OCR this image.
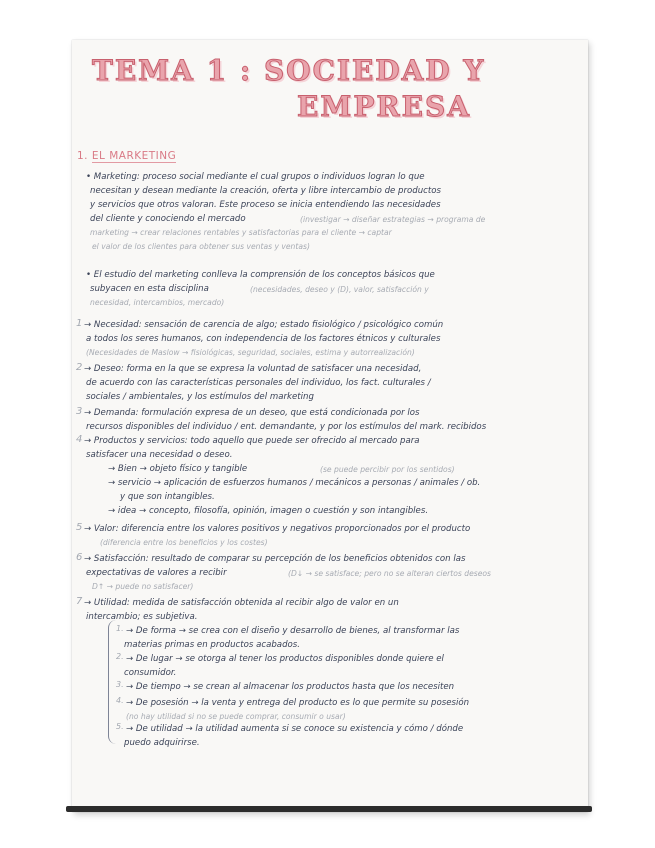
TEMA 1 : SOCIEDAD Y
EMPRESA
1. EL MARKETING
• Marketing: proceso social mediante el cual grupos o individuos logran lo que
necesitan y desean mediante la creación, oferta y libre intercambio de productos
y servicios que otros valoran. Este proceso se inicia entendiendo las necesidades
del cliente y conociendo el mercado	(investigar → diseñar estrategias → programa de
marketing → crear relaciones rentables y satisfactorias para el cliente → captar
el valor de los clientes para obtener sus ventas y ventas)
• El estudio del marketing conlleva la comprensión de los conceptos básicos que
subyacen en esta disciplina	(necesidades, deseo y (D), valor, satisfacción y
necesidad, intercambios, mercado)
1 → Necesidad: sensación de carencia de algo; estado fisiológico / psicológico común
a todos los seres humanos, con independencia de los factores étnicos y culturales
(Necesidades de Maslow → fisiológicas, seguridad, sociales, estima y autorrealización)
2 → Deseo: forma en la que se expresa la voluntad de satisfacer una necesidad,
de acuerdo con las características personales del individuo, los fact. culturales /
sociales / ambientales, y los estímulos del marketing
3 → Demanda: formulación expresa de un deseo, que está condicionada por los
recursos disponibles del individuo / ent. demandante, y por los estímulos del mark. recibidos
4 → Productos y servicios: todo aquello que puede ser ofrecido al mercado para
satisfacer una necesidad o deseo.
→ Bien → objeto físico y tangible	(se puede percibir por los sentidos)
→ servicio → aplicación de esfuerzos humanos / mecánicos a personas / animales / ob.
y que son intangibles.
→ idea → concepto, filosofía, opinión, imagen o cuestión y son intangibles.
5 → Valor: diferencia entre los valores positivos y negativos proporcionados por el producto
(diferencia entre los beneficios y los costes)
6 → Satisfacción: resultado de comparar su percepción de los beneficios obtenidos con las
expectativas de valores a recibir	(D↓ → se satisface; pero no se alteran ciertos deseos
D↑ → puede no satisfacer)
7 → Utilidad: medida de satisfacción obtenida al recibir algo de valor en un
intercambio; es subjetiva.
1. → De forma → se crea con el diseño y desarrollo de bienes, al transformar las
materias primas en productos acabados.
2. → De lugar → se otorga al tener los productos disponibles donde quiere el
consumidor.
3. → De tiempo → se crean al almacenar los productos hasta que los necesiten
4. → De posesión → la venta y entrega del producto es lo que permite su posesión
(no hay utilidad si no se puede comprar, consumir o usar)
5. → De utilidad → la utilidad aumenta si se conoce su existencia y cómo / dónde
puedo adquirirse.
